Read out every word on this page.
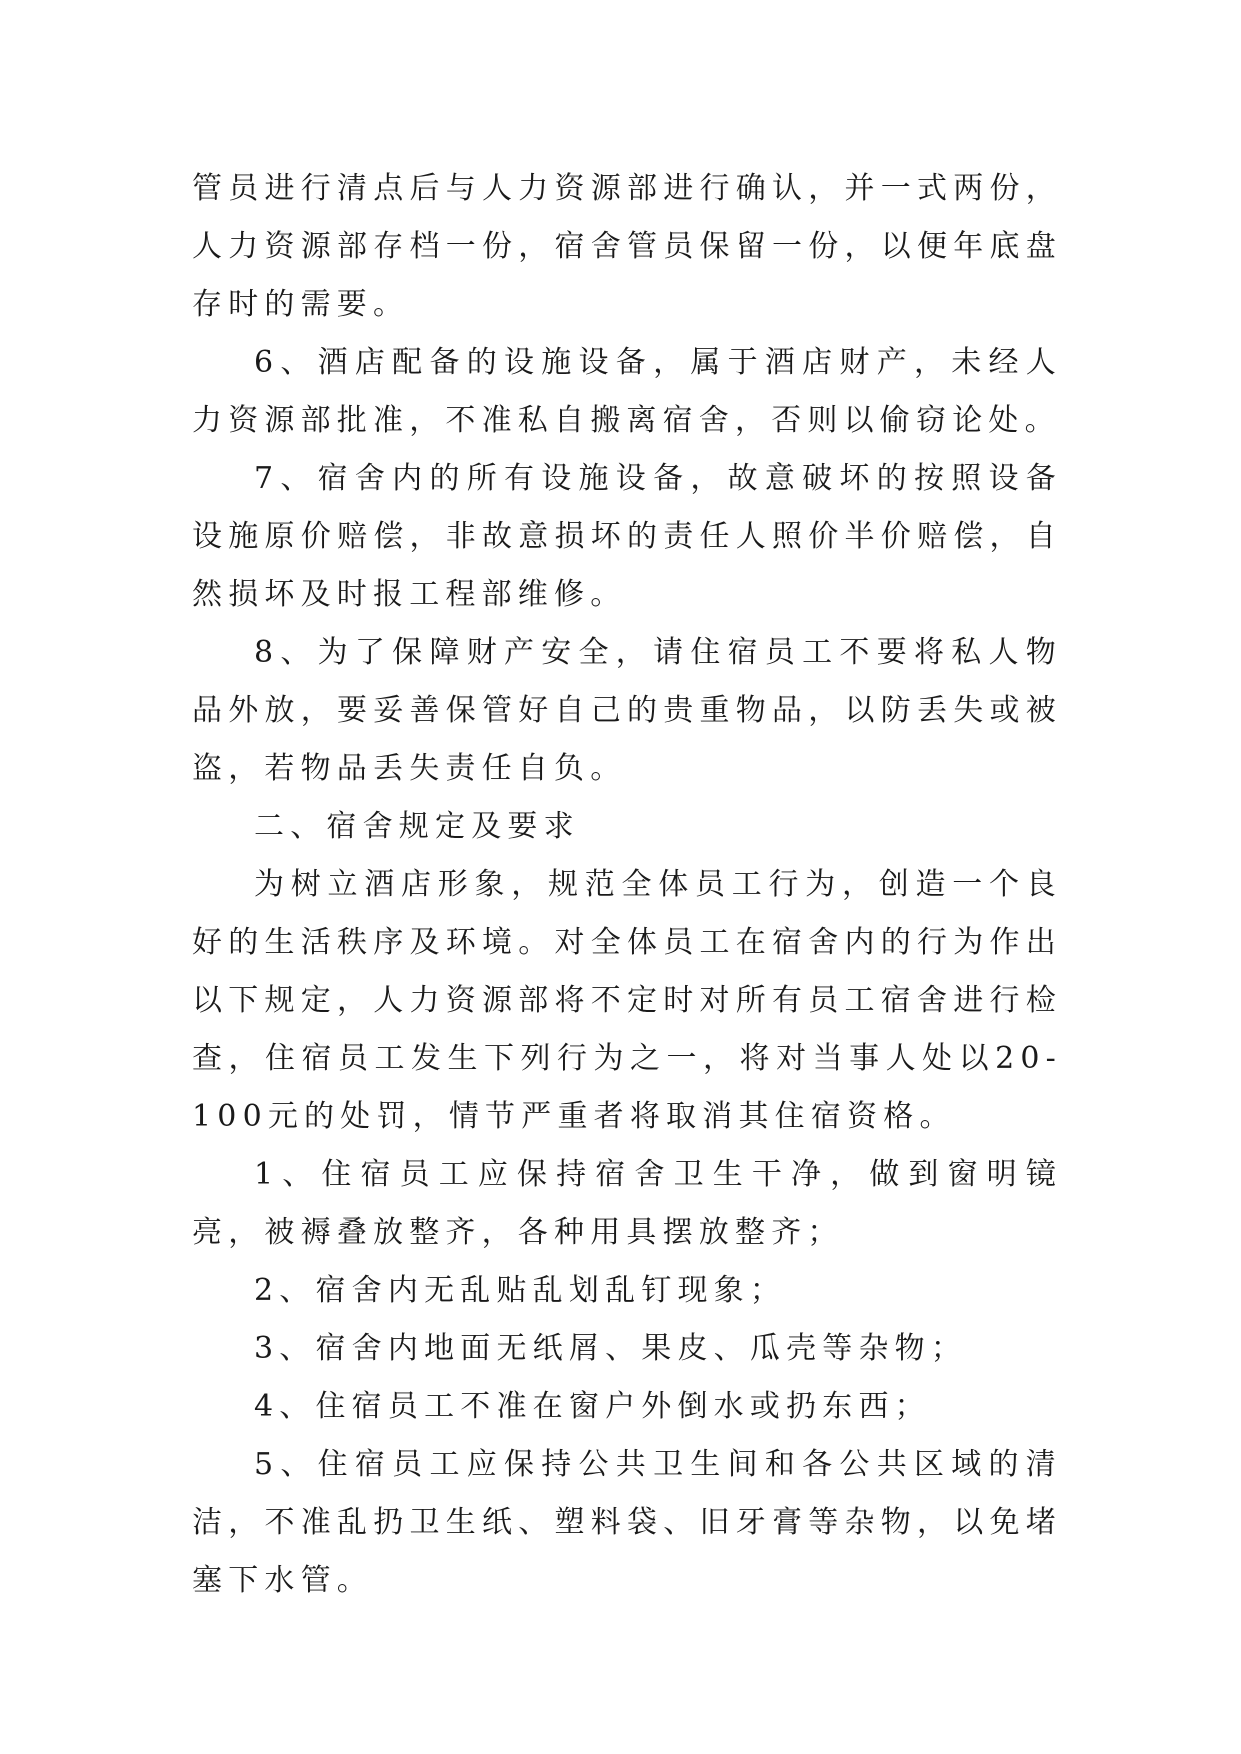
管员进行清点后与人力资源部进行确认，并一式两份，人力资源部存档一份，宿舍管员保留一份，以便年底盘存时的需要。

6、酒店配备的设施设备，属于酒店财产，未经人力资源部批准，不准私自搬离宿舍，否则以偷窃论处。

7、宿舍内的所有设施设备，故意破坏的按照设备设施原价赔偿，非故意损坏的责任人照价半价赔偿，自然损坏及时报工程部维修。

8、为了保障财产安全，请住宿员工不要将私人物品外放，要妥善保管好自己的贵重物品，以防丢失或被盗，若物品丢失责任自负。

二、宿舍规定及要求

为树立酒店形象，规范全体员工行为，创造一个良好的生活秩序及环境。对全体员工在宿舍内的行为作出以下规定，人力资源部将不定时对所有员工宿舍进行检查，住宿员工发生下列行为之一，将对当事人处以20-100元的处罚，情节严重者将取消其住宿资格。

1、住宿员工应保持宿舍卫生干净，做到窗明镜亮，被褥叠放整齐，各种用具摆放整齐；

2、宿舍内无乱贴乱划乱钉现象；

3、宿舍内地面无纸屑、果皮、瓜壳等杂物；

4、住宿员工不准在窗户外倒水或扔东西；

5、住宿员工应保持公共卫生间和各公共区域的清洁，不准乱扔卫生纸、塑料袋、旧牙膏等杂物，以免堵塞下水管。
